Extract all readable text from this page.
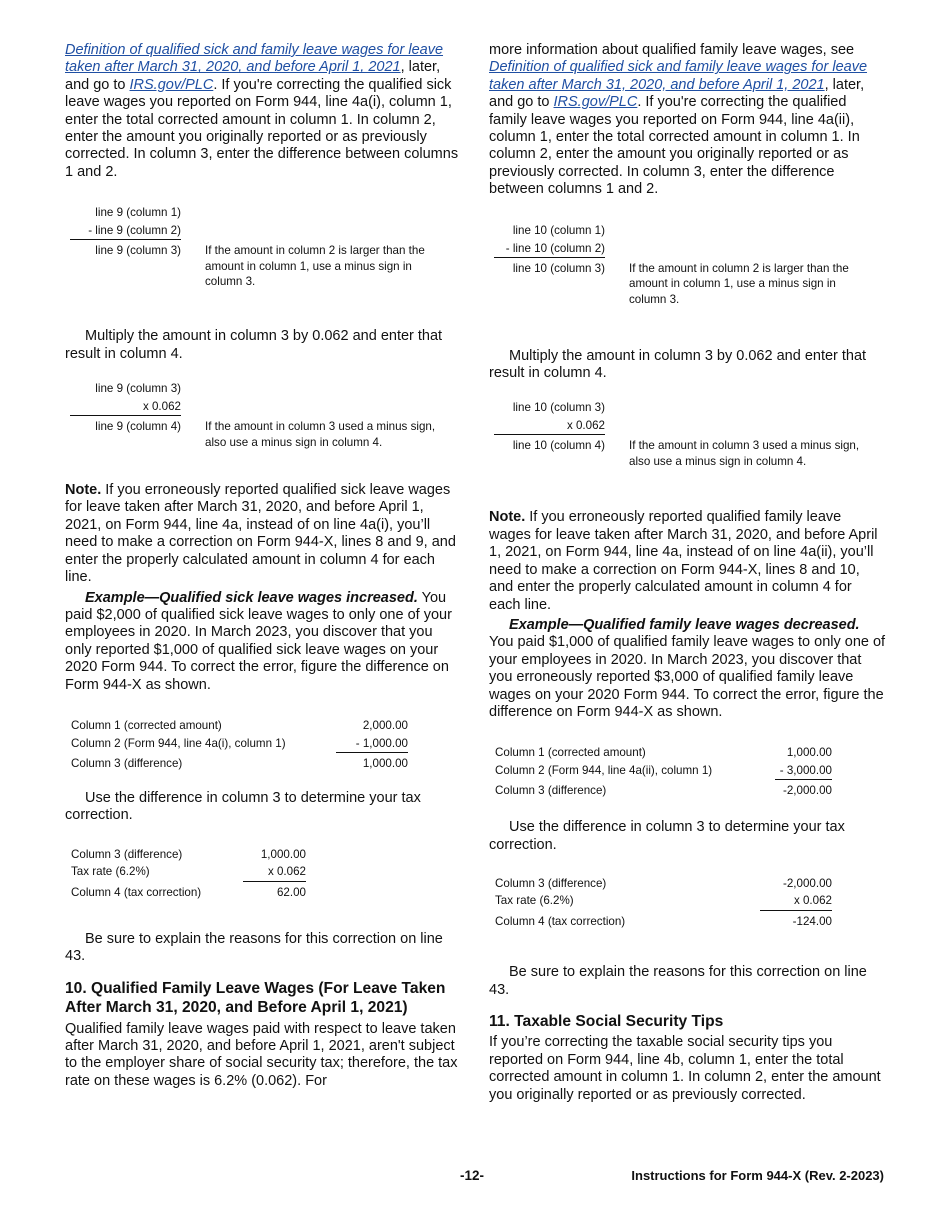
Definition of qualified sick and family leave wages for leave taken after March 31, 2020, and before April 1, 2021, later, and go to IRS.gov/PLC. If you're correcting the qualified sick leave wages you reported on Form 944, line 4a(i), column 1, enter the total corrected amount in column 1. In column 2, enter the amount you originally reported or as previously corrected. In column 3, enter the difference between columns 1 and 2.

line 9 (column 1)
- line 9 (column 2)
line 9 (column 3) If the amount in column 2 is larger than the amount in column 1, use a minus sign in column 3.

Multiply the amount in column 3 by 0.062 and enter that result in column 4.

line 9 (column 3)
x 0.062
line 9 (column 4) If the amount in column 3 used a minus sign, also use a minus sign in column 4.

Note. If you erroneously reported qualified sick leave wages for leave taken after March 31, 2020, and before April 1, 2021, on Form 944, line 4a, instead of on line 4a(i), you’ll need to make a correction on Form 944-X, lines 8 and 9, and enter the properly calculated amount in column 4 for each line.

Example—Qualified sick leave wages increased. You paid $2,000 of qualified sick leave wages to only one of your employees in 2020. In March 2023, you discover that you only reported $1,000 of qualified sick leave wages on your 2020 Form 944. To correct the error, figure the difference on Form 944-X as shown.

Column 1 (corrected amount)	2,000.00
Column 2 (Form 944, line 4a(i), column 1)	- 1,000.00
Column 3 (difference)	1,000.00

Use the difference in column 3 to determine your tax correction.

Column 3 (difference)	1,000.00
Tax rate (6.2%)	x 0.062
Column 4 (tax correction)	62.00

Be sure to explain the reasons for this correction on line 43.

10. Qualified Family Leave Wages (For Leave Taken After March 31, 2020, and Before April 1, 2021)

Qualified family leave wages paid with respect to leave taken after March 31, 2020, and before April 1, 2021, aren't subject to the employer share of social security tax; therefore, the tax rate on these wages is 6.2% (0.062). For

more information about qualified family leave wages, see Definition of qualified sick and family leave wages for leave taken after March 31, 2020, and before April 1, 2021, later, and go to IRS.gov/PLC. If you're correcting the qualified family leave wages you reported on Form 944, line 4a(ii), column 1, enter the total corrected amount in column 1. In column 2, enter the amount you originally reported or as previously corrected. In column 3, enter the difference between columns 1 and 2.

line 10 (column 1)
- line 10 (column 2)
line 10 (column 3) If the amount in column 2 is larger than the amount in column 1, use a minus sign in column 3.

Multiply the amount in column 3 by 0.062 and enter that result in column 4.

line 10 (column 3)
x 0.062
line 10 (column 4) If the amount in column 3 used a minus sign, also use a minus sign in column 4.

Note. If you erroneously reported qualified family leave wages for leave taken after March 31, 2020, and before April 1, 2021, on Form 944, line 4a, instead of on line 4a(ii), you’ll need to make a correction on Form 944-X, lines 8 and 10, and enter the properly calculated amount in column 4 for each line.

Example—Qualified family leave wages decreased. You paid $1,000 of qualified family leave wages to only one of your employees in 2020. In March 2023, you discover that you erroneously reported $3,000 of qualified family leave wages on your 2020 Form 944. To correct the error, figure the difference on Form 944-X as shown.

Column 1 (corrected amount)	1,000.00
Column 2 (Form 944, line 4a(ii), column 1)	- 3,000.00
Column 3 (difference)	-2,000.00

Use the difference in column 3 to determine your tax correction.

Column 3 (difference)	-2,000.00
Tax rate (6.2%)	x 0.062
Column 4 (tax correction)	-124.00

Be sure to explain the reasons for this correction on line 43.

11. Taxable Social Security Tips

If you’re correcting the taxable social security tips you reported on Form 944, line 4b, column 1, enter the total corrected amount in column 1. In column 2, enter the amount you originally reported or as previously corrected.

-12-	Instructions for Form 944-X (Rev. 2-2023)
